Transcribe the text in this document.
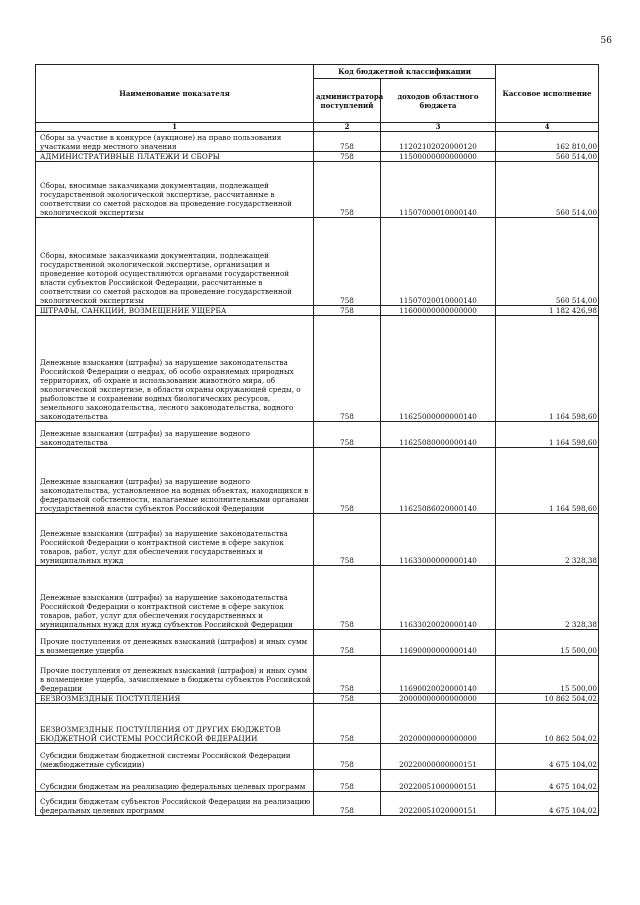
56
Наименование показателя	Код бюджетной классификации		Кассовое исполнение
	администратора поступлений	доходов областного бюджета	
1	2	3	4
Сборы за участие в конкурсе (аукционе) на право пользования участками недр местного значения	758	11202102020000120	162 810,00
АДМИНИСТРАТИВНЫЕ ПЛАТЕЖИ И СБОРЫ	758	11500000000000000	560 514,00
Сборы, вносимые заказчиками документации, подлежащей государственной экологической экспертизе, рассчитанные в соответствии со сметой расходов на проведение государственной экологической экспертизы	758	11507000010000140	560 514,00
Сборы, вносимые заказчиками документации, подлежащей государственной экологической экспертизе, организация и проведение которой осуществляются органами государственной власти субъектов Российской Федерации, рассчитанные в соответствии со сметой расходов на проведение государственной экологической экспертизы	758	11507020010000140	560 514,00
ШТРАФЫ, САНКЦИИ, ВОЗМЕЩЕНИЕ УЩЕРБА	758	11600000000000000	1 182 426,98
Денежные взыскания (штрафы) за нарушение законодательства Российской Федерации о недрах, об особо охраняемых природных территориях, об охране и использовании животного мира, об экологической экспертизе, в области охраны окружающей среды, о рыболовстве и сохранении водных биологических ресурсов, земельного законодательства, лесного законодательства, водного законодательства	758	11625000000000140	1 164 598,60
Денежные взыскания (штрафы) за нарушение водного законодательства	758	11625080000000140	1 164 598,60
Денежные взыскания (штрафы) за нарушение водного законодательства, установленное на водных объектах, находящихся в федеральной собственности, налагаемые исполнительными органами государственной власти субъектов Российской Федерации	758	11625086020000140	1 164 598,60
Денежные взыскания (штрафы) за нарушение законодательства Российской Федерации о контрактной системе в сфере закупок товаров, работ, услуг для обеспечения государственных и муниципальных нужд	758	11633000000000140	2 328,38
Денежные взыскания (штрафы) за нарушение законодательства Российской Федерации о контрактной системе в сфере закупок товаров, работ, услуг для обеспечения государственных и муниципальных нужд для нужд субъектов Российской Федерации	758	11633020020000140	2 328,38
Прочие поступления от денежных взысканий (штрафов) и иных сумм в возмещение ущерба	758	11690000000000140	15 500,00
Прочие поступления от денежных взысканий (штрафов) и иных сумм в возмещение ущерба, зачисляемые в бюджеты субъектов Российской Федерации	758	11690020020000140	15 500,00
БЕЗВОЗМЕЗДНЫЕ ПОСТУПЛЕНИЯ	758	20000000000000000	10 862 504,02
БЕЗВОЗМЕЗДНЫЕ ПОСТУПЛЕНИЯ ОТ ДРУГИХ БЮДЖЕТОВ БЮДЖЕТНОЙ СИСТЕМЫ РОССИЙСКОЙ ФЕДЕРАЦИИ	758	20200000000000000	10 862 504,02
Субсидии бюджетам бюджетной системы Российской Федерации (межбюджетные субсидии)	758	20220000000000151	4 675 104,02
Субсидии бюджетам на реализацию федеральных целевых программ	758	20220051000000151	4 675 104,02
Субсидии бюджетам субъектов Российской Федерации на реализацию федеральных целевых программ	758	20220051020000151	4 675 104,02
